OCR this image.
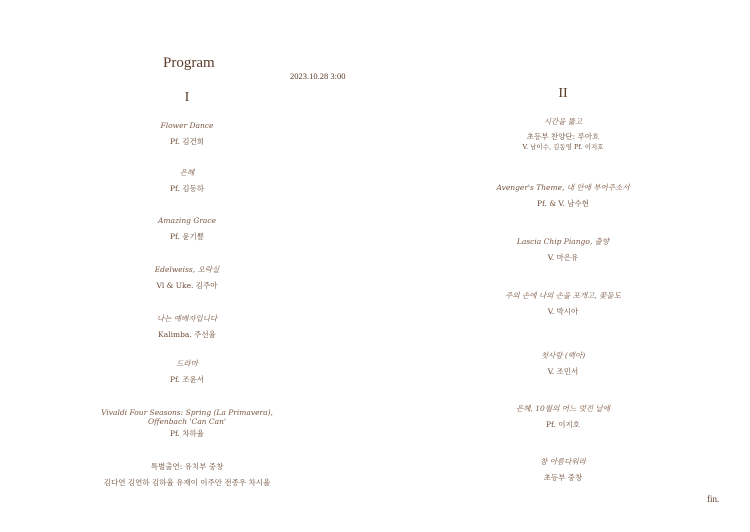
Program
2023.10.28 3:00
I
Flower Dance
Pf. 김건희
은혜
Pf. 김동하
Amazing Grace
Pf. 윤기쁨
Edelweiss, 오락실
Vl & Uke. 김주아
나는 예배자입니다
Kalimba. 주선율
드라마
Pf. 조윤서
Vivaldi Four Seasons: Spring (La Primavera),
Offenbach 'Can Can'
Pf. 차하율
특별출연: 유치부 중창
김다연 김연하 김하율 유재이 이주안 전종우 차시율
II
시간을 뚫고
초등부 찬양단: 루아흐
V. 남이수, 김동영 Pf. 이지호
Avenger's Theme, 내 안에 부어주소서
Pf. & V. 남수현
Lascia Chip Piango, 출향
V. 마은유
주의 손에 나의 손을 포개고, 꽃들도
V. 박시아
첫사랑 (백아)
V. 조민서
은혜, 10월의 어느 멋진 날에
Pf. 이지호
참 아름다워라
초등부 중창
fin.
